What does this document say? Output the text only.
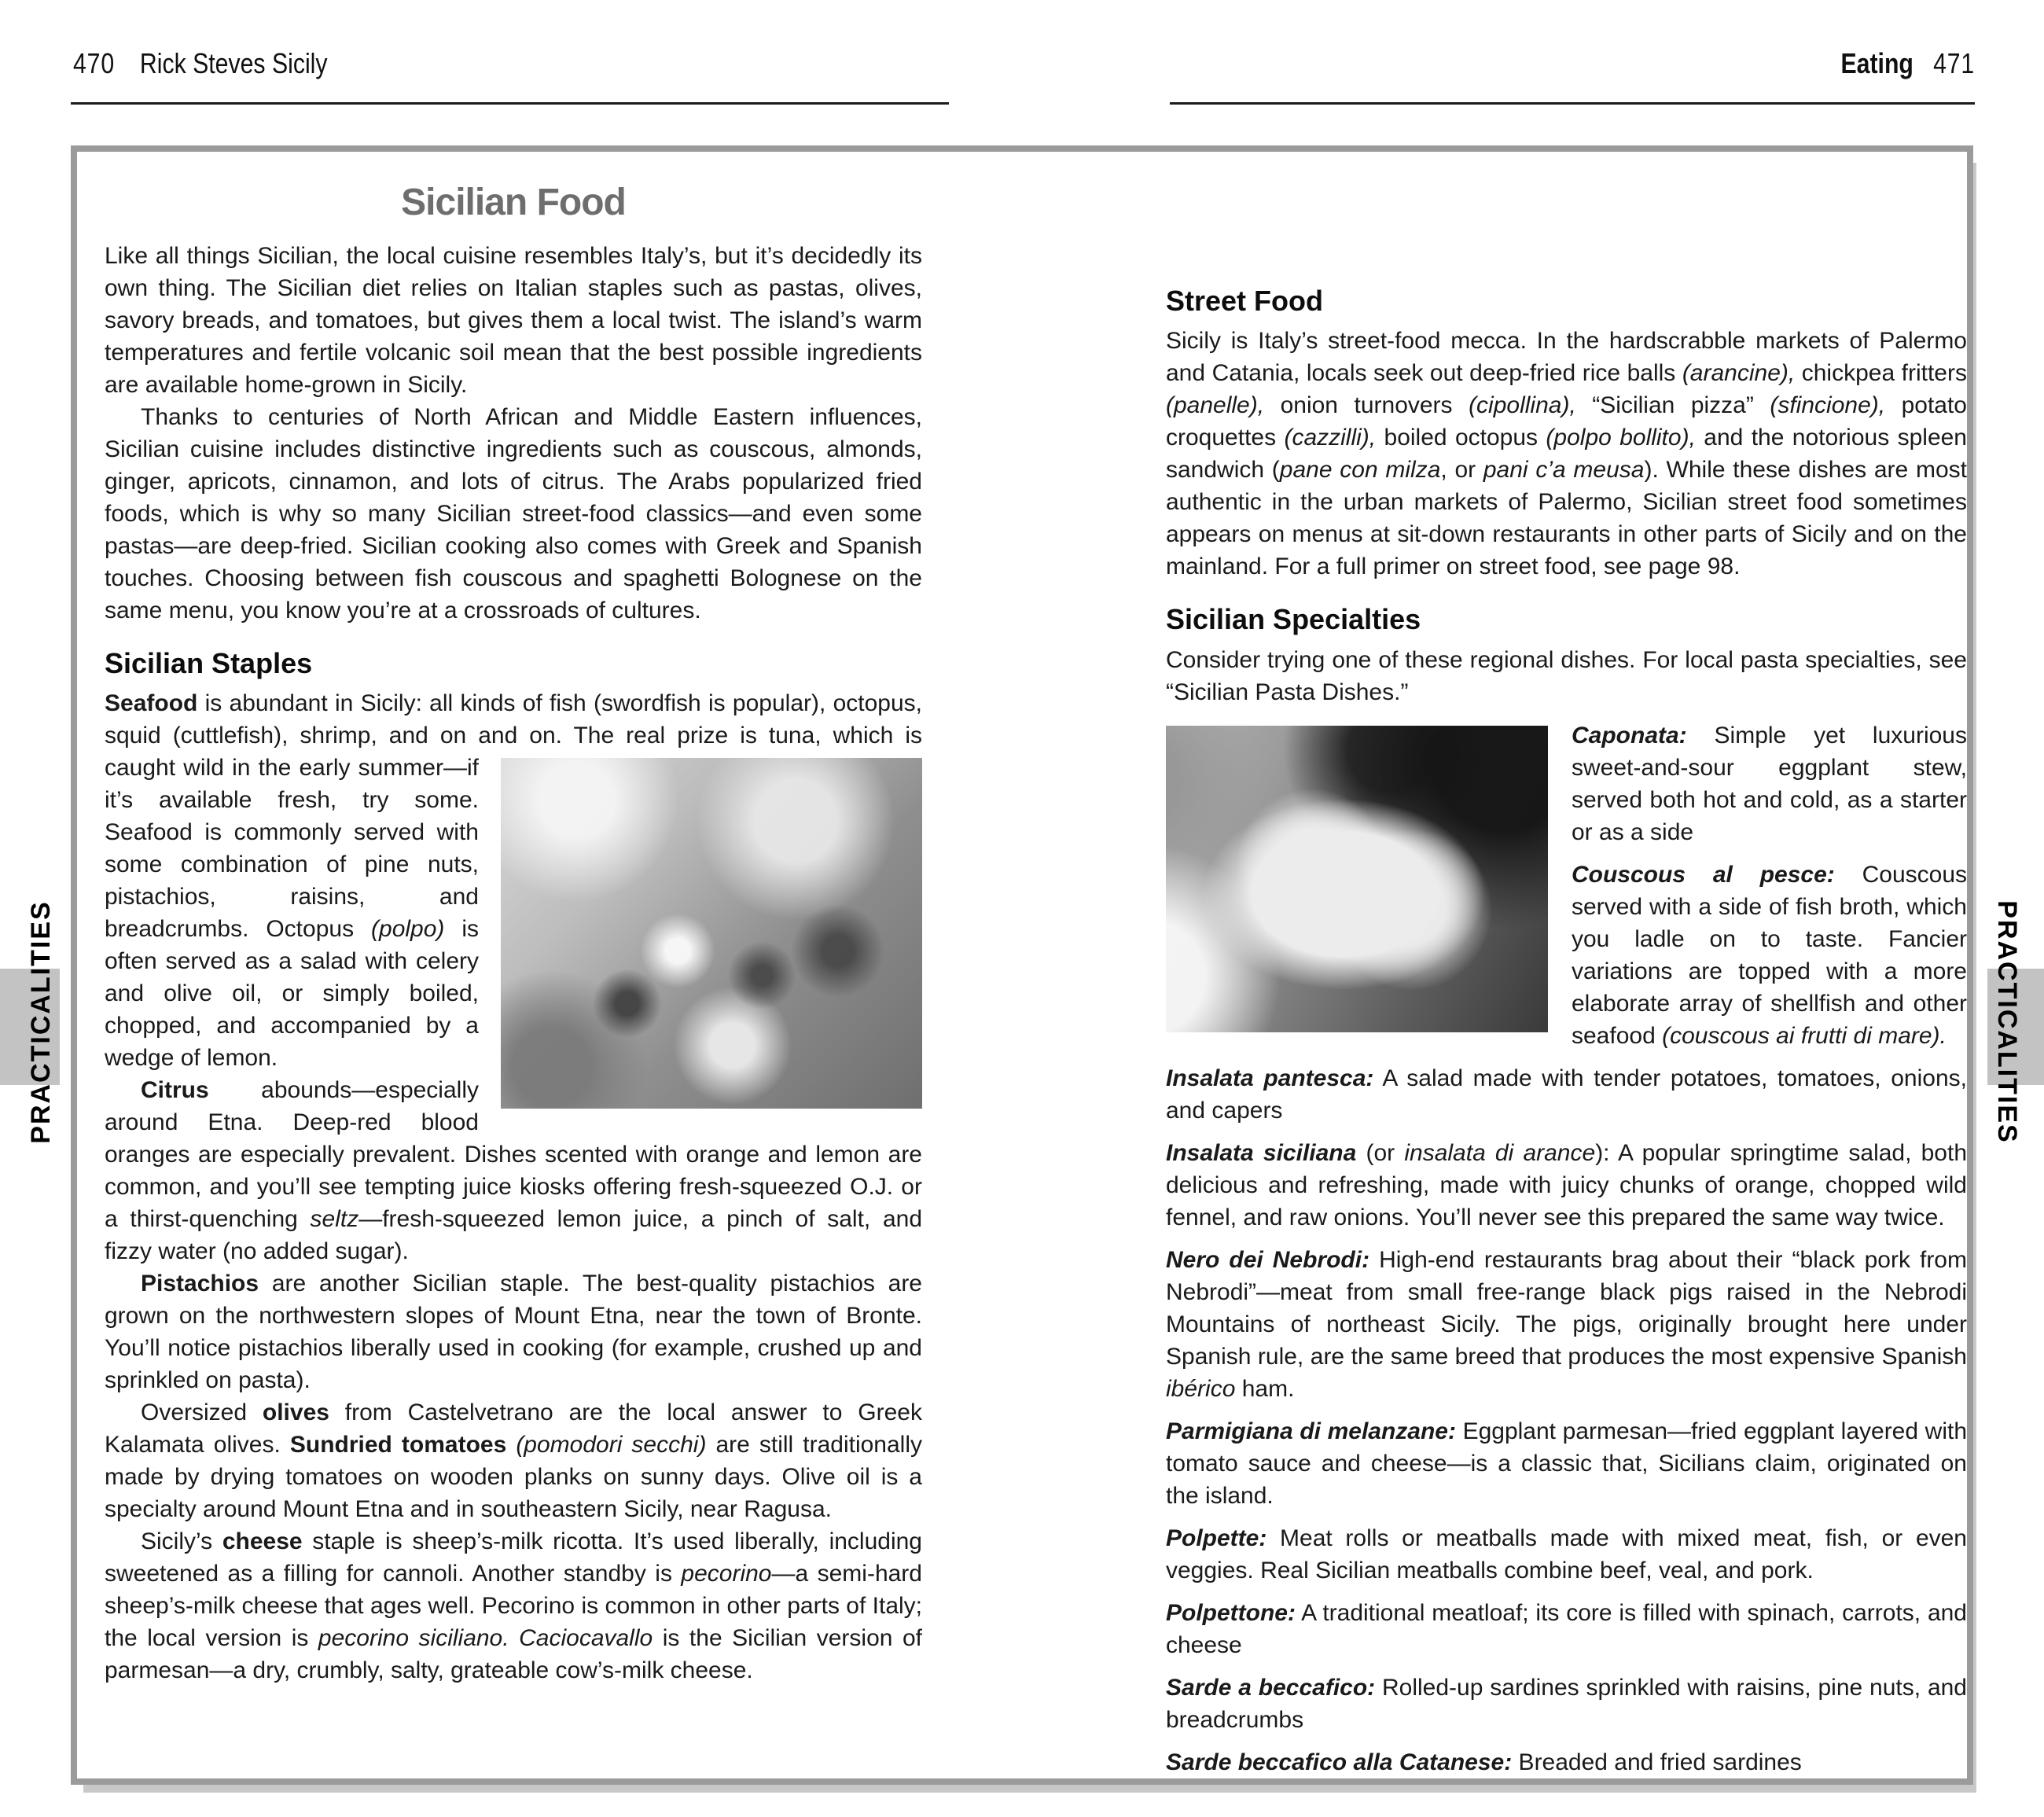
470 Rick Steves Sicily	Eating 471
PRACTICALITIES	PRACTICALITIES
Sicilian Food

Like all things Sicilian, the local cuisine resembles Italy’s, but it’s decidedly its own thing. The Sicilian diet relies on Italian staples such as pastas, olives, savory breads, and tomatoes, but gives them a local twist. The island’s warm temperatures and fertile volcanic soil mean that the best possible ingredients are available home-grown in Sicily.

Thanks to centuries of North African and Middle Eastern influences, Sicilian cuisine includes distinctive ingredients such as couscous, almonds, ginger, apricots, cinnamon, and lots of citrus. The Arabs popularized fried foods, which is why so many Sicilian street-food classics—and even some pastas—are deep-fried. Sicilian cooking also comes with Greek and Spanish touches. Choosing between fish couscous and spaghetti Bolognese on the same menu, you know you’re at a crossroads of cultures.

Sicilian Staples

Seafood is abundant in Sicily: all kinds of fish (swordfish is popular), octopus, squid (cuttlefish), shrimp, and on and on. The real
prize is tuna, which is caught wild in the early summer—if it’s available fresh, try some. Seafood is commonly served with some combination of pine nuts, pistachios, raisins, and breadcrumbs. Octopus (polpo) is often served as a salad with celery and olive oil, or simply boiled, chopped, and accompanied by a wedge of lemon.

Citrus abounds—especially around Etna. Deep-red blood oranges are especially prevalent. Dishes scented with orange and lemon are common, and you’ll see tempting juice kiosks offering fresh-squeezed O.J. or a thirst-quenching seltz—fresh-squeezed lemon juice, a pinch of salt, and fizzy water (no added sugar).

Pistachios are another Sicilian staple. The best-quality pistachios are grown on the northwestern slopes of Mount Etna, near the town of Bronte. You’ll notice pistachios liberally used in cooking (for example, crushed up and sprinkled on pasta).

Oversized olives from Castelvetrano are the local answer to Greek Kalamata olives. Sundried tomatoes (pomodori secchi) are still traditionally made by drying tomatoes on wooden planks on sunny days. Olive oil is a specialty around Mount Etna and in southeastern Sicily, near Ragusa.

Sicily’s cheese staple is sheep’s-milk ricotta. It’s used liberally, including sweetened as a filling for cannoli. Another standby is pecorino—a semi-hard sheep’s-milk cheese that ages well. Pecorino is common in other parts of Italy; the local version is pecorino siciliano. Caciocavallo is the Sicilian version of parmesan—a dry, crumbly, salty, grateable cow’s-milk cheese.

Street Food

Sicily is Italy’s street-food mecca. In the hardscrabble markets of Palermo and Catania, locals seek out deep-fried rice balls (arancine), chickpea fritters (panelle), onion turnovers (cipollina), “Sicilian pizza” (sfincione), potato croquettes (cazzilli), boiled octopus (polpo bollito), and the notorious spleen sandwich (pane con milza, or pani c’a meusa). While these dishes are most authentic in the urban markets of Palermo, Sicilian street food sometimes appears on menus at sit-down restaurants in other parts of Sicily and on the mainland. For a full primer on street food, see page 98.

Sicilian Specialties

Consider trying one of these regional dishes. For local pasta specialties, see “Sicilian Pasta Dishes.”

Caponata: Simple yet luxurious sweet-and-sour eggplant stew, served both hot and cold, as a starter or as a side
Couscous al pesce: Couscous served with a side of fish broth, which you ladle on to taste. Fancier variations are topped with a more elaborate array of shellfish and other seafood (couscous ai frutti di mare).
Insalata pantesca: A salad made with tender potatoes, tomatoes, onions, and capers
Insalata siciliana (or insalata di arance): A popular springtime salad, both delicious and refreshing, made with juicy chunks of orange, chopped wild fennel, and raw onions. You’ll never see this prepared the same way twice.
Nero dei Nebrodi: High-end restaurants brag about their “black pork from Nebrodi”—meat from small free-range black pigs raised in the Nebrodi Mountains of northeast Sicily. The pigs, originally brought here under Spanish rule, are the same breed that produces the most expensive Spanish ibérico ham.
Parmigiana di melanzane: Eggplant parmesan—fried eggplant layered with tomato sauce and cheese—is a classic that, Sicilians claim, originated on the island.
Polpette: Meat rolls or meatballs made with mixed meat, fish, or even veggies. Real Sicilian meatballs combine beef, veal, and pork.
Polpettone: A traditional meatloaf; its core is filled with spinach, carrots, and cheese
Sarde a beccafico: Rolled-up sardines sprinkled with raisins, pine nuts, and breadcrumbs
Sarde beccafico alla Catanese: Breaded and fried sardines
